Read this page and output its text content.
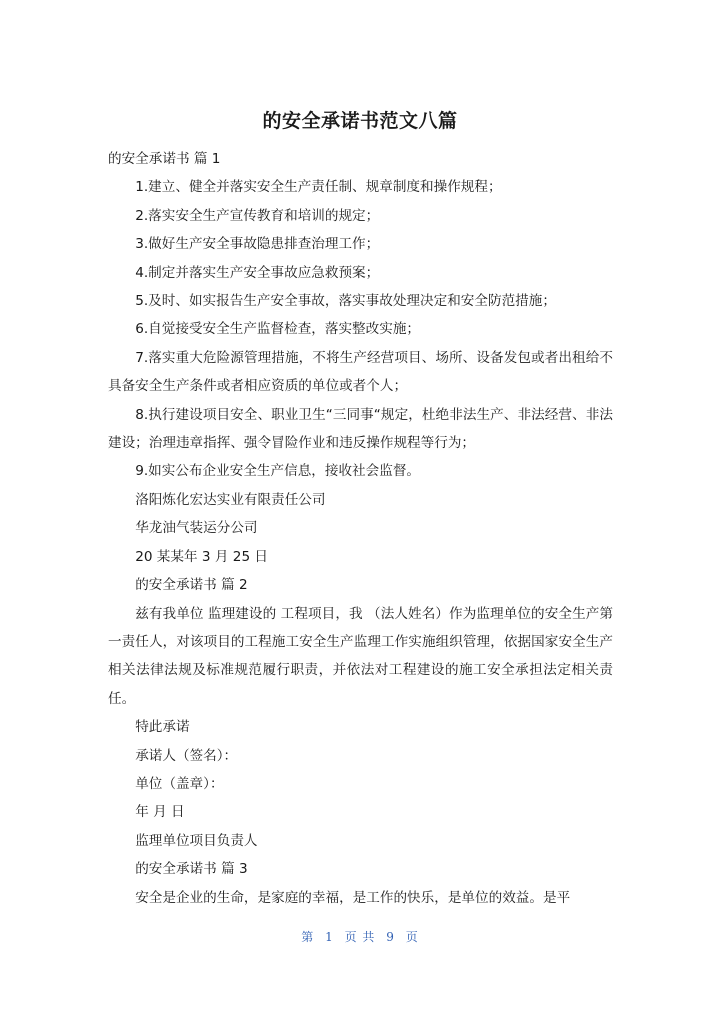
的安全承诺书范文八篇

的安全承诺书 篇 1

1.建立、健全并落实安全生产责任制、规章制度和操作规程；

2.落实安全生产宣传教育和培训的规定；

3.做好生产安全事故隐患排查治理工作；

4.制定并落实生产安全事故应急救预案；

5.及时、如实报告生产安全事故，落实事故处理决定和安全防范措施；

6.自觉接受安全生产监督检查，落实整改实施；

7.落实重大危险源管理措施，不将生产经营项目、场所、设备发包或者出租给不具备安全生产条件或者相应资质的单位或者个人；

8.执行建设项目安全、职业卫生“三同事“规定，杜绝非法生产、非法经营、非法建设；治理违章指挥、强令冒险作业和违反操作规程等行为；

9.如实公布企业安全生产信息，接收社会监督。

洛阳炼化宏达实业有限责任公司

华龙油气装运分公司

20 某某年 3 月 25 日

的安全承诺书 篇 2

兹有我单位 监理建设的 工程项目，我 （法人姓名）作为监理单位的安全生产第一责任人，对该项目的工程施工安全生产监理工作实施组织管理，依据国家安全生产相关法律法规及标准规范履行职责，并依法对工程建设的施工安全承担法定相关责任。

特此承诺

承诺人（签名）：

单位（盖章）：

年 月 日

监理单位项目负责人

的安全承诺书 篇 3

安全是企业的生命，是家庭的幸福，是工作的快乐，是单位的效益。是平

第 1 页 共 9 页
